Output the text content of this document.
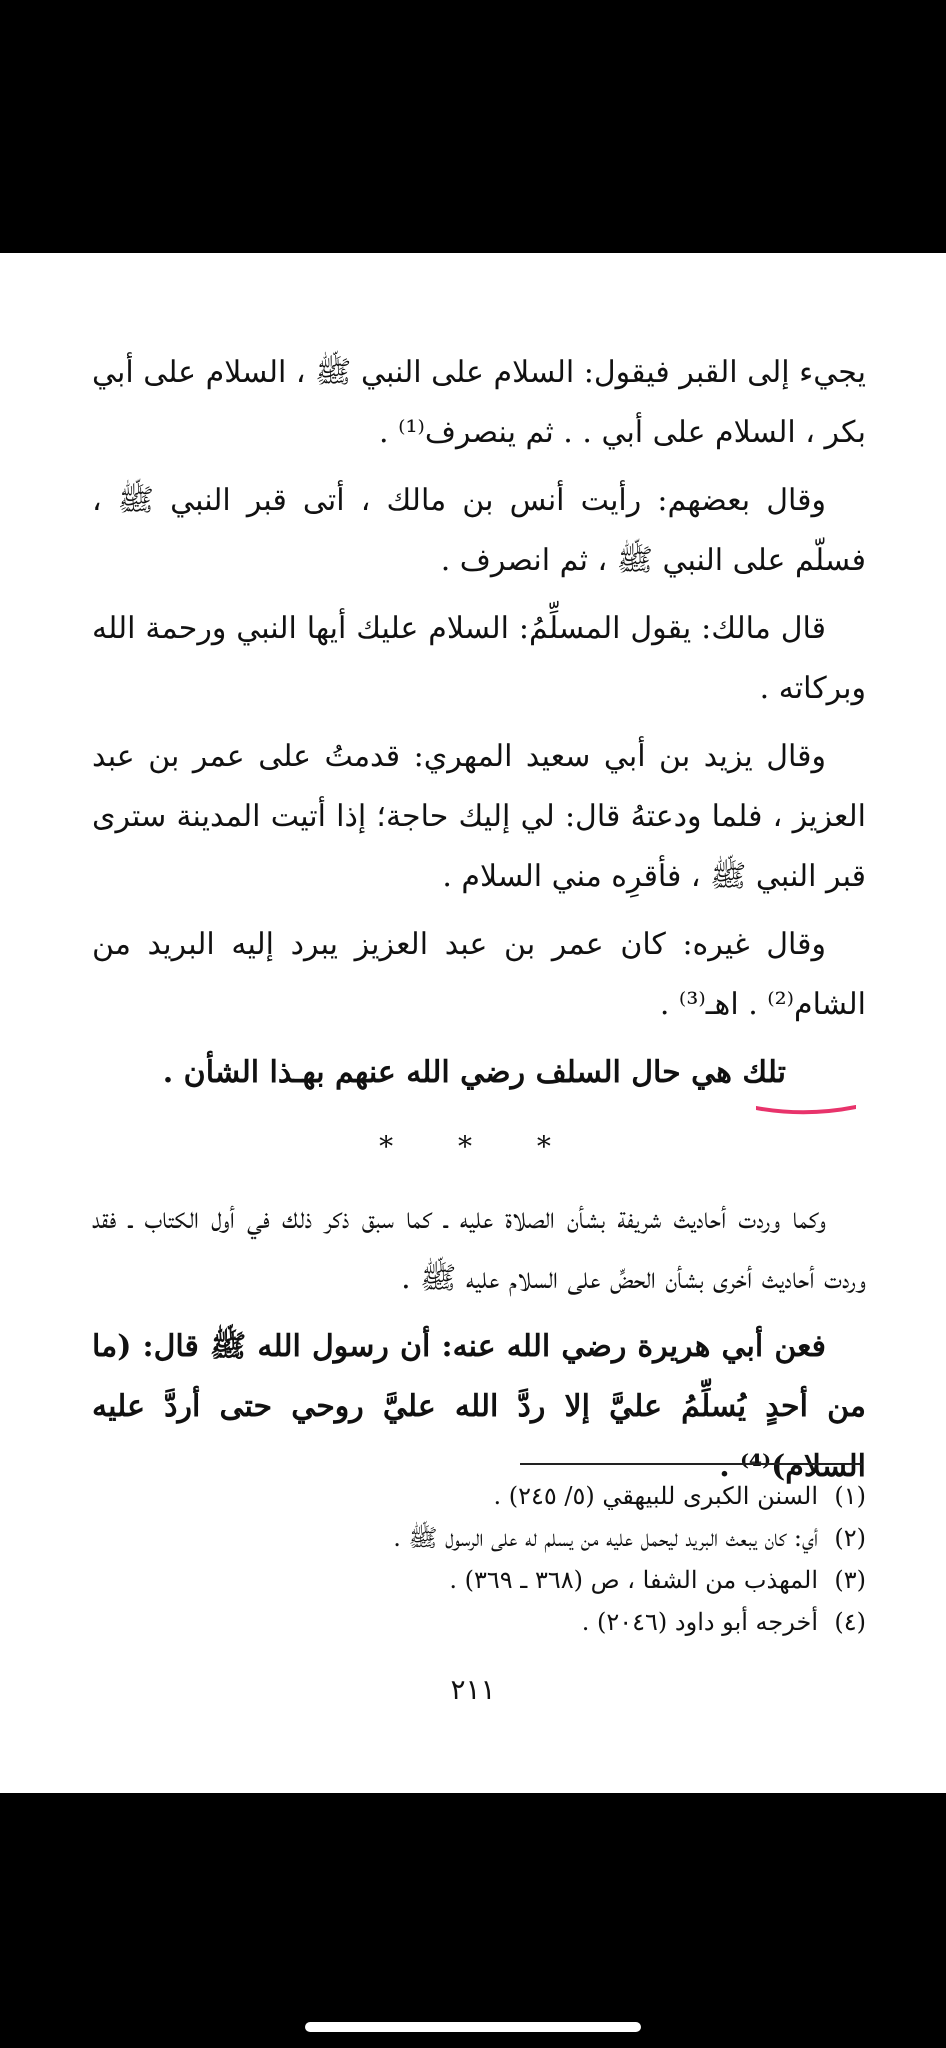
يجيء إلى القبر فيقول: السلام على النبي ﷺ ، السلام على أبي بكر ، السلام على أبي . . ثم ينصرف⁽¹⁾ .

وقال بعضهم: رأيت أنس بن مالك ، أتى قبر النبي ﷺ ، فسلّم على النبي ﷺ ، ثم انصرف .

قال مالك: يقول المسلِّمُ: السلام عليك أيها النبي ورحمة الله وبركاته .

وقال يزيد بن أبي سعيد المهري: قدمتُ على عمر بن عبد العزيز ، فلما ودعتهُ قال: لي إليك حاجة؛ إذا أتيت المدينة سترى قبر النبي ﷺ ، فأقرِه مني السلام .

وقال غيره: كان عمر بن عبد العزيز يبرد إليه البريد من الشام⁽²⁾ . اهـ⁽³⁾ .

تلك هي حال السلف رضي الله عنهم بهـذا الشأن .

* * *

وكما وردت أحاديث شريفة بشأن الصلاة عليه ـ كما سبق ذكر ذلك في أول الكتاب ـ فقد وردت أحاديث أخرى بشأن الحضِّ على السلام عليه ﷺ .

فعن أبي هريرة رضي الله عنه: أن رسول الله ﷺ قال: (ما من أحدٍ يُسلِّمُ عليَّ إلا ردَّ الله عليَّ روحي حتى أردَّ عليه السلام)⁽⁴⁾ .

(١)
السنن الكبرى للبيهقي (٥/ ٢٤٥) .
(٢)
أي: كان يبعث البريد ليحمل عليه من يسلم له على الرسول ﷺ .
(٣)
المهذب من الشفا ، ص (٣٦٨ ـ ٣٦٩) .
(٤)
أخرجه أبو داود (٢٠٤٦) .
٢١١
